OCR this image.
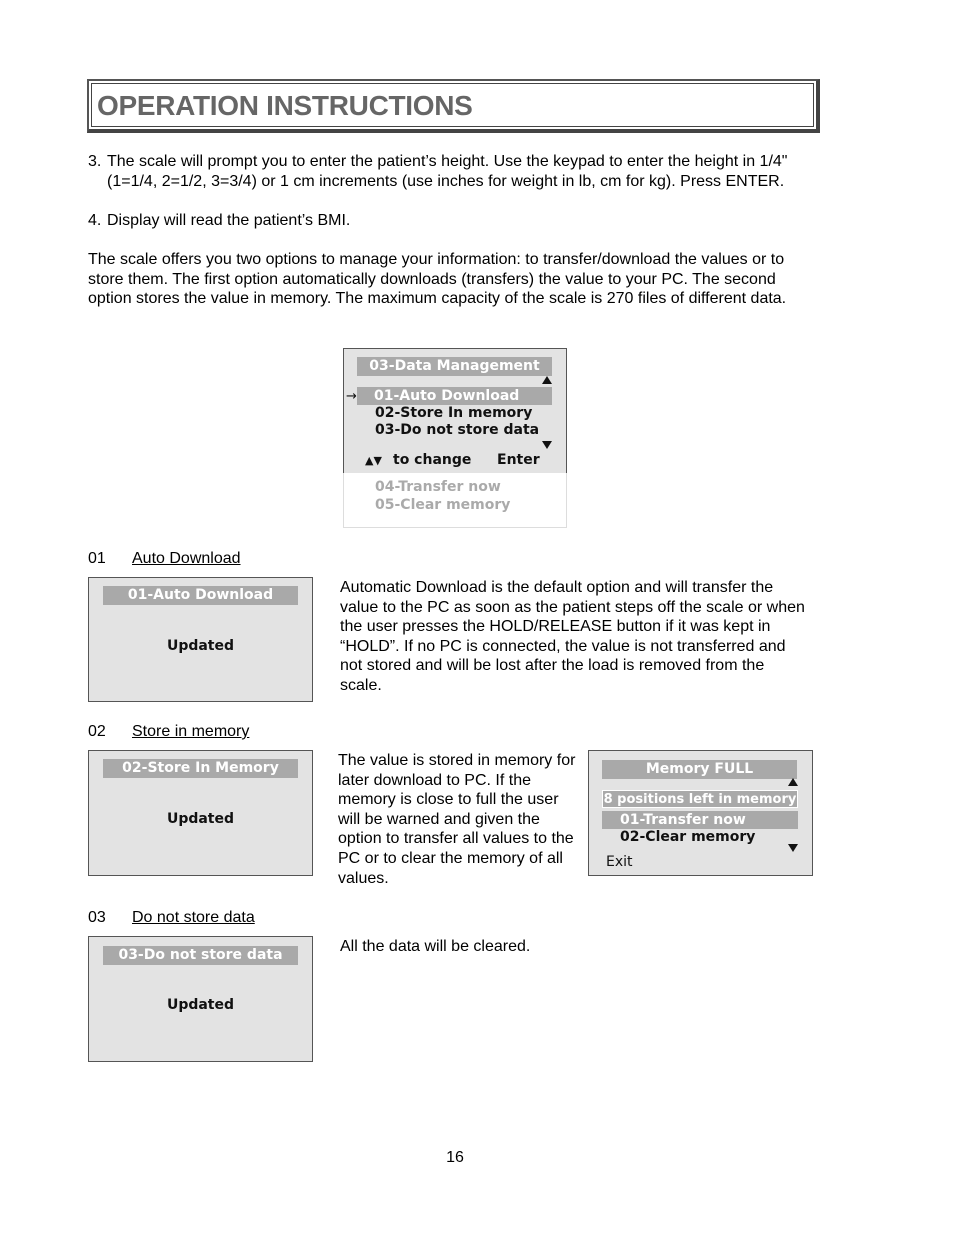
OPERATION INSTRUCTIONS
3. The scale will prompt you to enter the patient’s height. Use the keypad to enter the height in 1/4" (1=1/4, 2=1/2, 3=3/4) or 1 cm increments (use inches for weight in lb, cm for kg). Press ENTER.

4. Display will read the patient’s BMI.

The scale offers you two options to manage your information: to transfer/download the values or to store them. The first option automatically downloads (transfers) the value to your PC. The second option stores the value in memory. The maximum capacity of the scale is 270 files of different data.

03-Data Management
→	01-Auto Download
02-Store In memory
03-Do not store data
▲▼ to change Enter
04-Transfer now
05-Clear memory
01 Auto Download
01-Auto Download
Updated

Automatic Download is the default option and will transfer the value to the PC as soon as the patient steps off the scale or when the user presses the HOLD/RELEASE button if it was kept in “HOLD”. If no PC is connected, the value is not transferred and not stored and will be lost after the load is removed from the scale.

02 Store in memory
02-Store In Memory
Updated

The value is stored in memory for later download to PC. If the memory is close to full the user will be warned and given the option to transfer all values to the PC or to clear the memory of all values.

Memory FULL
8 positions left in memory
01-Transfer now
02-Clear memory
Exit
03 Do not store data
03-Do not store data
Updated

All the data will be cleared.

16
